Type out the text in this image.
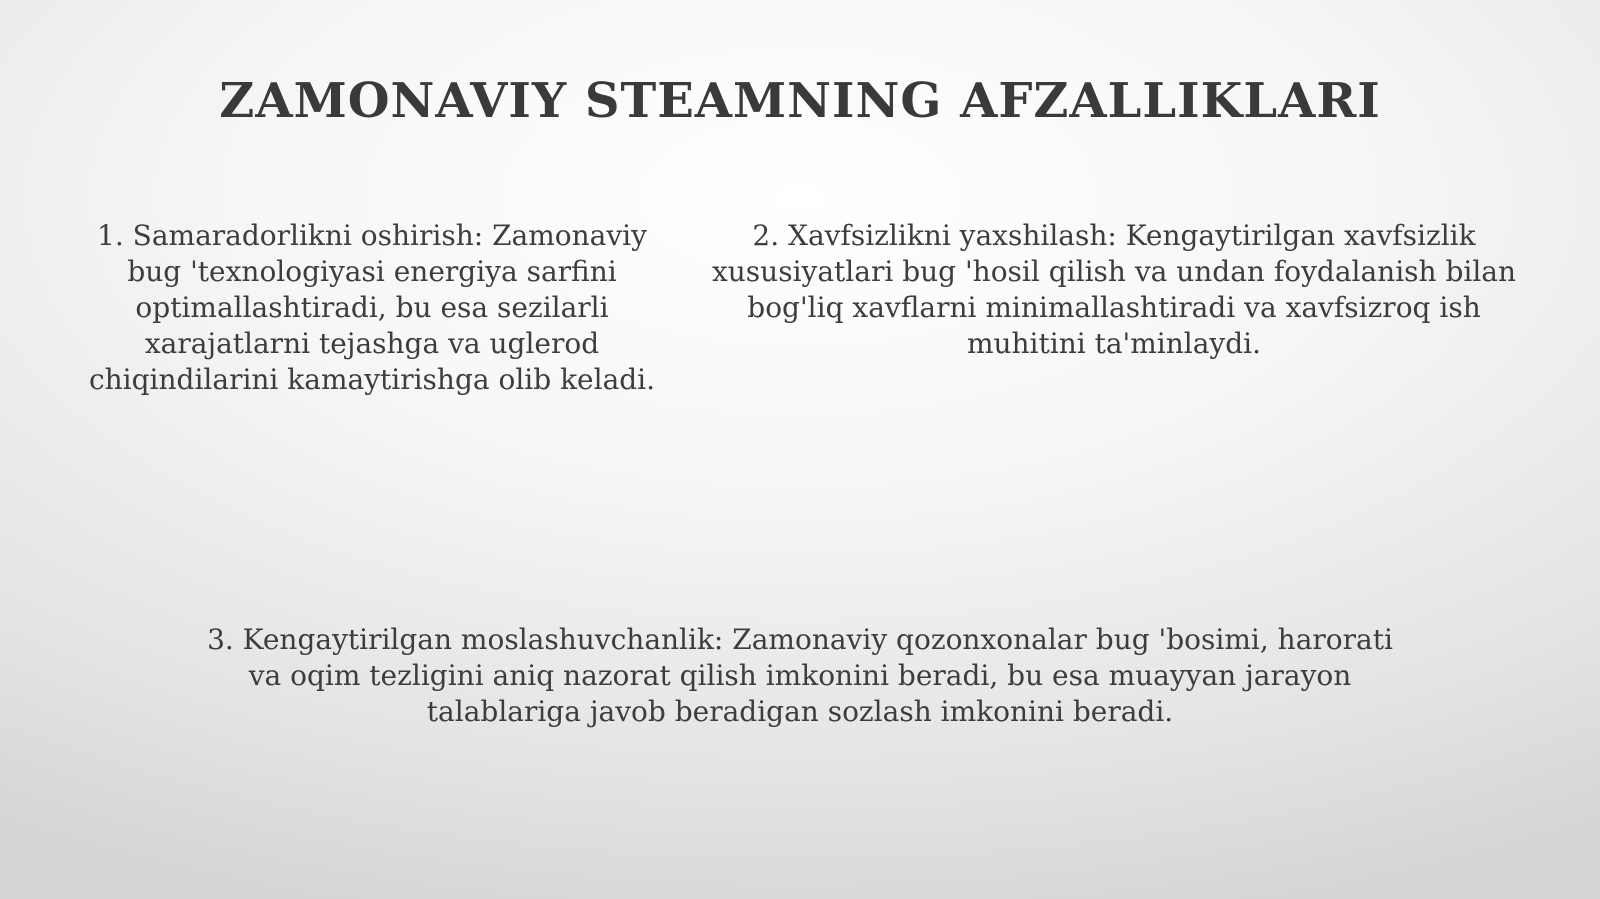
ZAMONAVIY STEAMNING AFZALLIKLARI

1. Samaradorlikni oshirish: Zamonaviy bug 'texnologiyasi energiya sarfini optimallashtiradi, bu esa sezilarli xarajatlarni tejashga va uglerod chiqindilarini kamaytirishga olib keladi.

2. Xavfsizlikni yaxshilash: Kengaytirilgan xavfsizlik xususiyatlari bug 'hosil qilish va undan foydalanish bilan bog'liq xavflarni minimallashtiradi va xavfsizroq ish muhitini ta'minlaydi.

3. Kengaytirilgan moslashuvchanlik: Zamonaviy qozonxonalar bug 'bosimi, harorati va oqim tezligini aniq nazorat qilish imkonini beradi, bu esa muayyan jarayon talablariga javob beradigan sozlash imkonini beradi.
